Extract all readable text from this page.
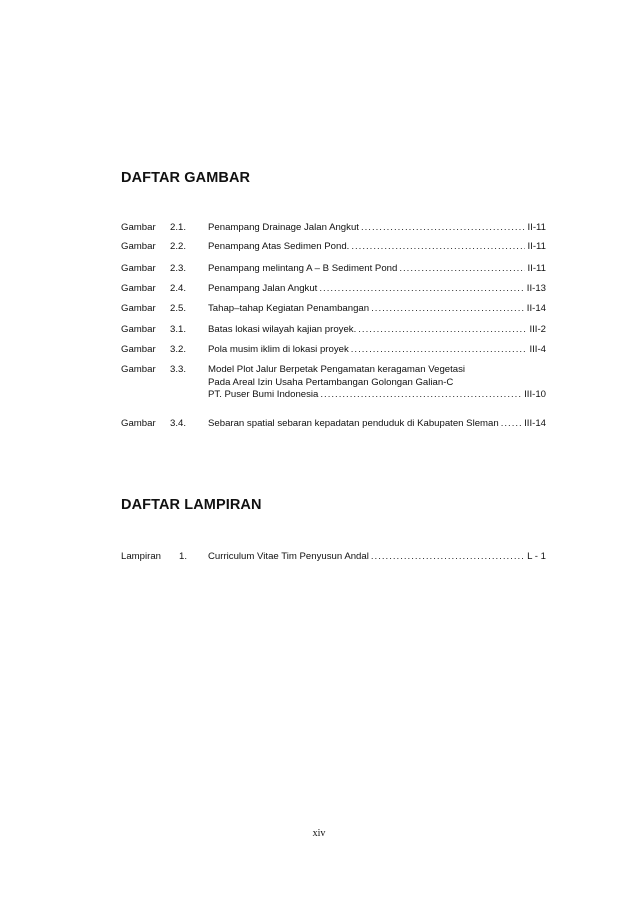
DAFTAR GAMBAR
Gambar 2.1. Penampang Drainage Jalan Angkut .....	II-11
Gambar 2.2. Penampang Atas Sedimen Pond. .....	II-11
Gambar 2.3. Penampang melintang A – B Sediment Pond .....	II-11
Gambar 2.4. Penampang Jalan Angkut .....	II-13
Gambar 2.5. Tahap–tahap Kegiatan Penambangan .....	II-14
Gambar 3.1. Batas lokasi wilayah kajian proyek. .....	III-2
Gambar 3.2. Pola musim iklim di lokasi proyek .....	III-4
Gambar 3.3. Model Plot Jalur Berpetak Pengamatan keragaman Vegetasi
Pada Areal Izin Usaha Pertambangan Golongan Galian-C
PT. Puser Bumi Indonesia .....	III-10
Gambar 3.4. Sebaran spatial sebaran kepadatan penduduk di Kabupaten Sleman .....	III-14
DAFTAR LAMPIRAN
Lampiran 1. Curriculum Vitae Tim Penyusun Andal .....	L - 1
xiv
